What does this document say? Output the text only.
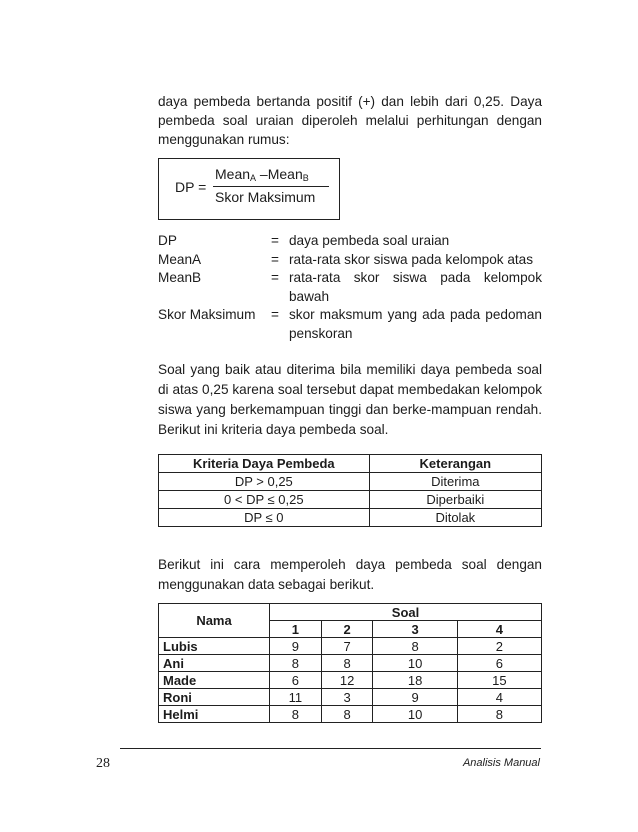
daya pembeda bertanda positif (+) dan lebih dari 0,25. Daya pembeda soal uraian diperoleh melalui perhitungan dengan menggunakan rumus:

DP =
Mean$_A$ –Mean$_B$
Skor Maksimum
DP	= daya pembeda soal uraian
MeanA	= rata-rata skor siswa pada kelompok atas
MeanB	= rata-rata skor siswa pada kelompok bawah
Skor Maksimum	= skor maksmum yang ada pada pedoman penskoran

Soal yang baik atau diterima bila memiliki daya pembeda soal di atas 0,25 karena soal tersebut dapat membedakan kelompok siswa yang berkemampuan tinggi dan berke-mampuan rendah. Berikut ini kriteria daya pembeda soal.

Kriteria Daya Pembeda	Keterangan
DP > 0,25	Diterima
0 < DP ≤ 0,25	Diperbaiki
DP ≤ 0	Ditolak

Berikut ini cara memperoleh daya pembeda soal dengan menggunakan data sebagai berikut.

Nama	Soal			
	1	2	3	4
Lubis	9	7	8	2
Ani	8	8	10	6
Made	6	12	18	15
Roni	11	3	9	4
Helmi	8	8	10	8
28	Analisis Manual
